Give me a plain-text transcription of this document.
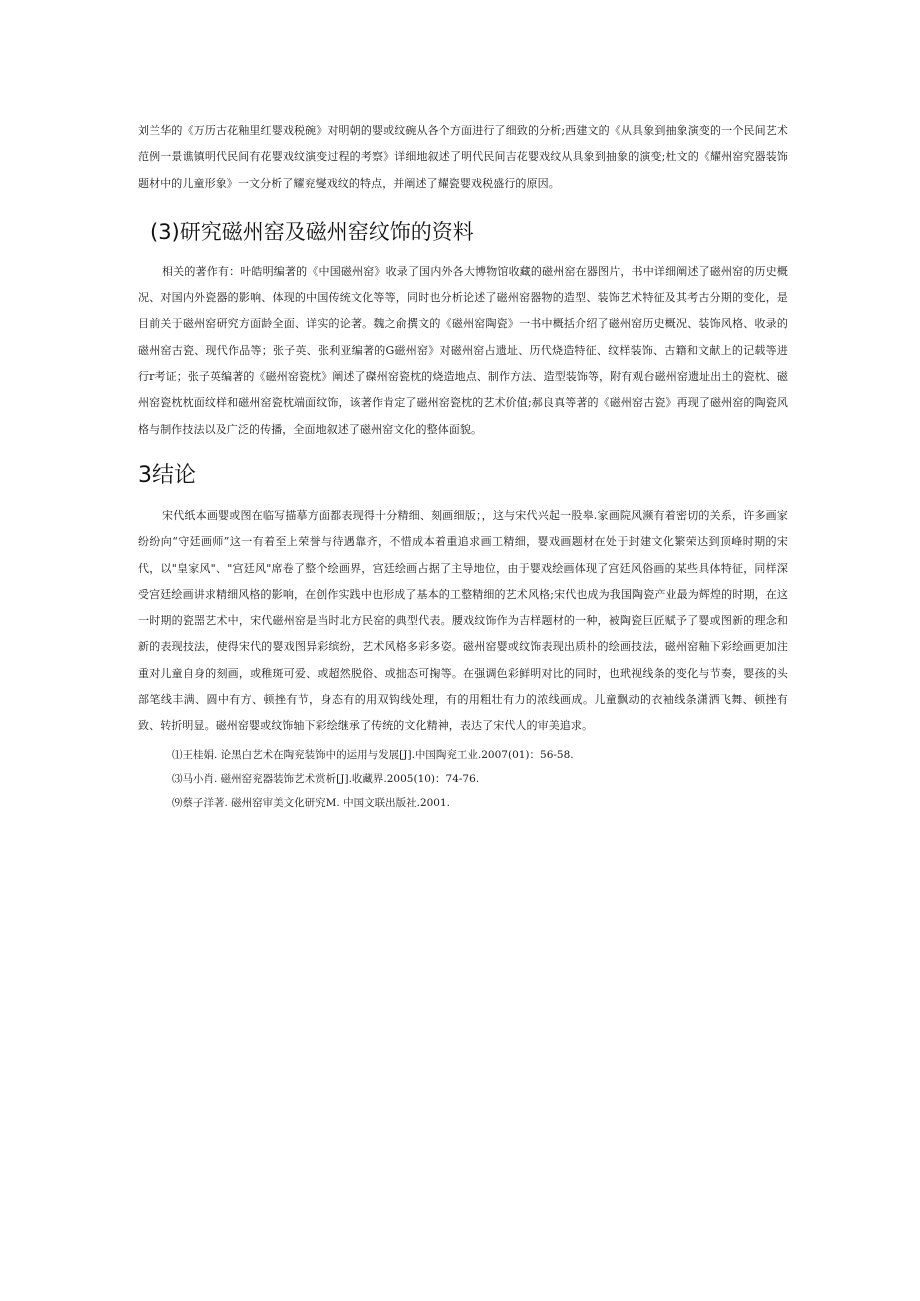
刘兰华的《万历古花釉里红婴戏税碗》对明朝的婴或纹碗从各个方面进行了细致的分析;西建文的《从具象到抽象演变的一个民间艺术范例一景谯镇明代民间有花婴戏纹演变过程的考察》详细地叙述了明代民间吉花婴戏纹从具象到抽象的演变;杜文的《耀州窑究器装饰题材中的儿童形象》一文分析了耀兖燮戏纹的特点，并阐述了耀瓷婴戏税盛行的原因。

(3)研究磁州窑及磁州窑纹饰的资料

相关的著作有：叶皓明编著的《中国磁州窑》收录了国内外各大博物馆收藏的磁州窑在器图片，书中详细阐述了磁州窑的历史概况、对国内外瓷器的影响、体现的中国传统文化等等，同时也分析论述了磁州窑器物的造型、装饰艺术特征及其考古分期的变化，是目前关于磁州窑研究方面龄全面、详实的论著。魏之俞撰文的《磁州窑陶瓷》一书中概括介绍了磁州窑历史概况、装饰风格、收录的磁州窑古瓷、现代作品等；张子英、张利亚编著的G磁州窑》对磁州窑占遗址、历代烧造特征、纹样装饰、古籍和文献上的记载等进行r考证；张子英编著的《磁州窑瓷枕》阐述了磔州窑瓷枕的烧造地点、制作方法、造型装饰等，附有观台磁州窑遗址出土的瓷枕、磁州窑瓷枕枕面纹样和磁州窑瓷枕端面纹饰，该著作肯定了磁州窑瓷枕的艺术价值;郝良真等著的《磁州窑古瓷》再现了磁州窑的陶瓷风格与制作技法以及广泛的传播，全面地叙述了磁州窑文化的整体面貌。

3结论

宋代纸本画婴或图在临写描摹方面都表现得十分精细、刻画细版；，这与宋代兴起一股皋.家画院风濒有着密切的关系，许多画家纷纷向“守廷画师”这一有着至上荣誉与待遇靠齐，不惜成本着重追求画工精细，婴戏画题材在处于封建文化繁荣达到顶峰时期的宋代，以"皇家风"、"宫廷风"席卷了整个绘画界，宫廷绘画占据了主导地位，由于婴戏绘画体现了宫廷风俗画的某些具体特征，同样深受宫廷绘画讲求精细风格的影响，在创作实践中也形成了基本的工整精细的艺术风格;宋代也成为我国陶瓷产业最为辉煌的时期，在这一时期的瓷噐艺术中，宋代磁州窑是当时北方民窑的典型代表。腰戏纹饰作为吉样题材的一种，被陶瓷巨匠赋予了婴或图新的理念和新的表现技法，使得宋代的婴戏图异彩缤纷，艺术风格多彩多姿。磁州窑婴或纹饰表现出质朴的绘画技法，磁州窑釉下彩绘画更加注重对儿童自身的刻画，或稚斑可爱、或超然脱俗、或拙态可掬等。在强调色彩鲜明对比的同时，也玳视线条的变化与节奏，婴孩的头部笔线丰满、圆中有方、顿挫有节，身态有的用双钩线处理，有的用粗壮有力的浓线画成。儿童飘动的衣袖线条潇洒飞舞、顿挫有致、转折明显。磁州窑婴或纹饰轴下彩绘继承了传统的文化精神，表达了宋代人的审美追求。

⑴王桂娟. 论黑白艺术在陶兖装饰中的运用与发展[J].中国陶兖工业.2007(01)：56-58.

⑶马小肖. 磁州窑兖器装饰艺术赏析[J].收藏界.2005(10)：74-76.

⑼蔡子洋著. 磁州窑审美文化研究M. 中国文联出版社.2001.
